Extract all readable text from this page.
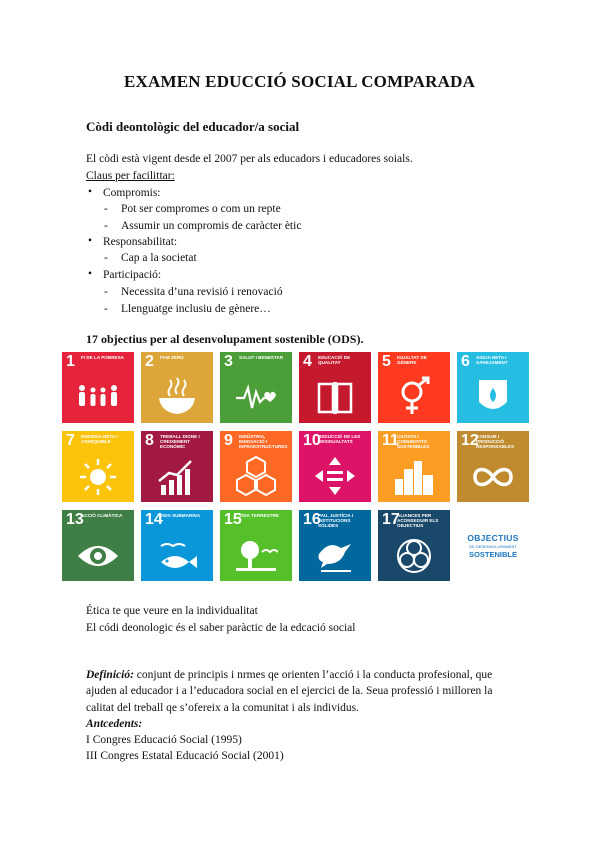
EXAMEN EDUCCIÓ SOCIAL COMPARADA
Còdi deontològic del educador/a social
El còdi està vigent desde el 2007 per als educadors i educadores soials.
Claus per facilittar:
• Compromis:
- Pot ser compromes o com un repte
- Assumir un compromis de caràcter ètic
• Responsabilitat:
- Cap a la societat
• Participació:
- Necessita d’una revisió i renovació
- Llenguatge inclusiu de gènere…
17 objectius per al desenvolupament sostenible (ODS).
1 FI DE LA POBRESA	2 FAM ZERO	3 SALUT I BENESTAR	4 EDUCACIÓ DE QUALITAT	5 IGUALTAT DE GÈNERE	6 AIGUA NETA I SANEJAMENT
7 ENERGIA NETA I ASSEQUIBLE	8 TREBALL DIGNE I CREIXEMENT ECONÒMIC	9 INDÚSTRIA, INNOVACIÓ I INFRAESTRUCTURES 10
REDUCCIÓ DE LES DESIGUALTATS	11
CIUTATS I COMUNITATS SOSTENIBLES	12
CONSUM I PRODUCCIÓ RESPONSABLES
13
ACCIÓ CLIMÀTICA	14
VIDA SUBMARINA	15
VIDA TERRESTRE	16
PAU, JUSTÍCIA I INSTITUCIONS SÒLIDES	17
ALIANCES PER ACONSEGUIR ELS OBJECTIUS
OBJECTIUS
DE DESENVOLUPAMENT
SOSTENIBLE
Ética te que veure en la individualitat
El códi deonologic és el saber paràctic de la edcació social
Definició: conjunt de principis i nrmes qe orienten l’acció i la conducta profesional, que
ajuden al educador i a l’educadora social en el ejercici de la. Seua professió i milloren la
calitat del treball qe s’ofereix a la comunitat i als individus.
Antcedents:
I Congres Educació Social (1995)
III Congres Estatal Educació Social (2001)
